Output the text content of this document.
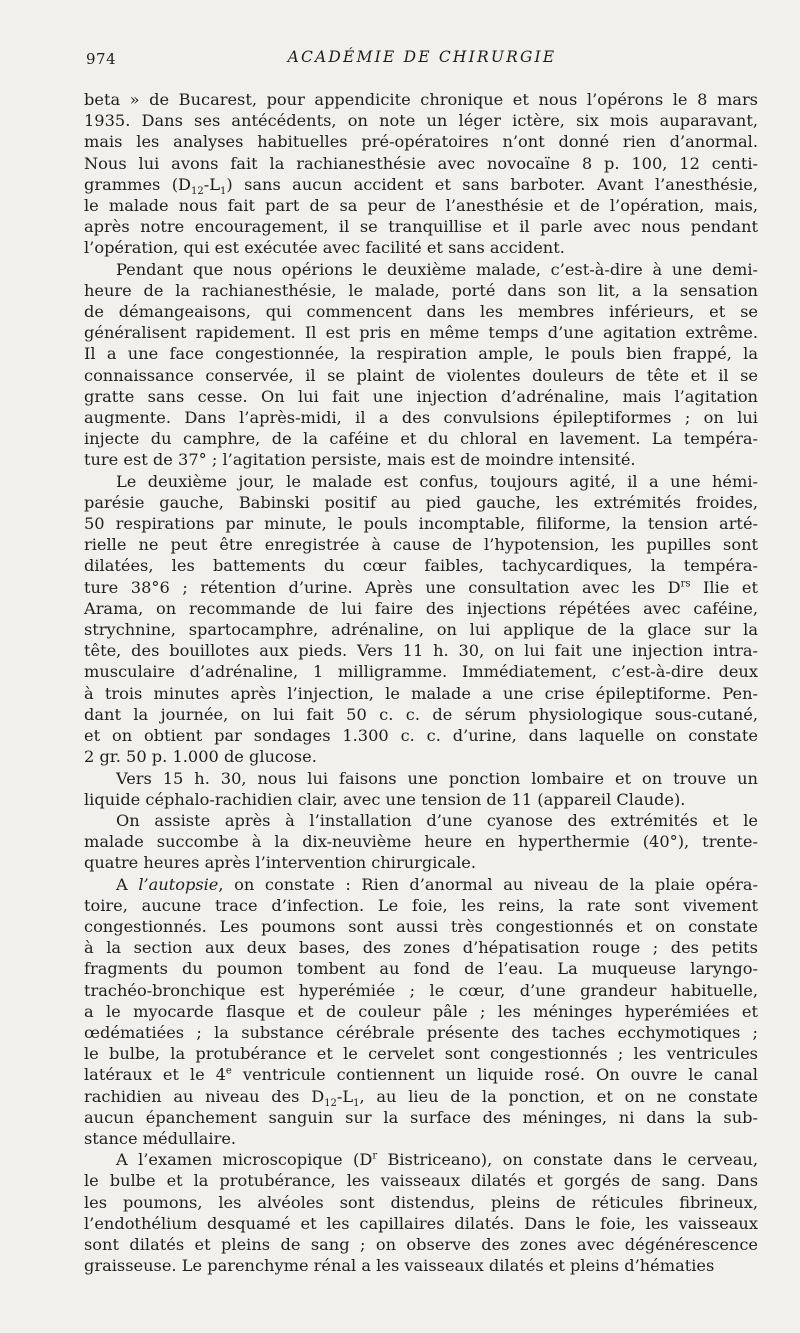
974	ACADÉMIE DE CHIRURGIE

beta » de Bucarest, pour appendicite chronique et nous l’opérons le 8 mars
1935. Dans ses antécédents, on note un léger ictère, six mois auparavant,
mais les analyses habituelles pré-opératoires n’ont donné rien d’anormal.
Nous lui avons fait la rachianesthésie avec novocaïne 8 p. 100, 12 centi-
grammes $(D_{12}-L_1)$ sans aucun accident et sans barboter. Avant l’anesthésie,
le malade nous fait part de sa peur de l’anesthésie et de l’opération, mais,
après notre encouragement, il se tranquillise et il parle avec nous pendant
l’opération, qui est exécutée avec facilité et sans accident.

Pendant que nous opérions le deuxième malade, c’est-à-dire à une demi-
heure de la rachianesthésie, le malade, porté dans son lit, a la sensation
de démangeaisons, qui commencent dans les membres inférieurs, et se
généralisent rapidement. Il est pris en même temps d’une agitation extrême.
Il a une face congestionnée, la respiration ample, le pouls bien frappé, la
connaissance conservée, il se plaint de violentes douleurs de tête et il se
gratte sans cesse. On lui fait une injection d’adrénaline, mais l’agitation
augmente. Dans l’après-midi, il a des convulsions épileptiformes ; on lui
injecte du camphre, de la caféine et du chloral en lavement. La tempéra-
ture est de 37° ; l’agitation persiste, mais est de moindre intensité.

Le deuxième jour, le malade est confus, toujours agité, il a une hémi-
parésie gauche, Babinski positif au pied gauche, les extrémités froides,
50 respirations par minute, le pouls incomptable, filiforme, la tension arté-
rielle ne peut être enregistrée à cause de l’hypotension, les pupilles sont
dilatées, les battements du cœur faibles, tachycardiques, la tempéra-
ture 38°6 ; rétention d’urine. Après une consultation avec les $D^{rs}$ Ilie et
Arama, on recommande de lui faire des injections répétées avec caféine,
strychnine, spartocamphre, adrénaline, on lui applique de la glace sur la
tête, des bouillotes aux pieds. Vers 11 h. 30, on lui fait une injection intra-
musculaire d’adrénaline, 1 milligramme. Immédiatement, c’est-à-dire deux
à trois minutes après l’injection, le malade a une crise épileptiforme. Pen-
dant la journée, on lui fait 50 c. c. de sérum physiologique sous-cutané,
et on obtient par sondages 1.300 c. c. d’urine, dans laquelle on constate
2 gr. 50 p. 1.000 de glucose.

Vers 15 h. 30, nous lui faisons une ponction lombaire et on trouve un
liquide céphalo-rachidien clair, avec une tension de 11 (appareil Claude).

On assiste après à l’installation d’une cyanose des extrémités et le
malade succombe à la dix-neuvième heure en hyperthermie (40°), trente-
quatre heures après l’intervention chirurgicale.

A l’autopsie, on constate : Rien d’anormal au niveau de la plaie opéra-
toire, aucune trace d’infection. Le foie, les reins, la rate sont vivement
congestionnés. Les poumons sont aussi très congestionnés et on constate
à la section aux deux bases, des zones d’hépatisation rouge ; des petits
fragments du poumon tombent au fond de l’eau. La muqueuse laryngo-
trachéo-bronchique est hyperémiée ; le cœur, d’une grandeur habituelle,
a le myocarde flasque et de couleur pâle ; les méninges hyperémiées et
œdématiées ; la substance cérébrale présente des taches ecchymotiques ;
le bulbe, la protubérance et le cervelet sont congestionnés ; les ventricules
latéraux et le 4e ventricule contiennent un liquide rosé. On ouvre le canal
rachidien au niveau des $D_{12}-L_1$, au lieu de la ponction, et on ne constate
aucun épanchement sanguin sur la surface des méninges, ni dans la sub-
stance médullaire.

A l’examen microscopique ($D^r$ Bistriceano), on constate dans le cerveau,
le bulbe et la protubérance, les vaisseaux dilatés et gorgés de sang. Dans
les poumons, les alvéoles sont distendus, pleins de réticules fibrineux,
l’endothélium desquamé et les capillaires dilatés. Dans le foie, les vaisseaux
sont dilatés et pleins de sang ; on observe des zones avec dégénérescence
graisseuse. Le parenchyme rénal a les vaisseaux dilatés et pleins d’hématies
